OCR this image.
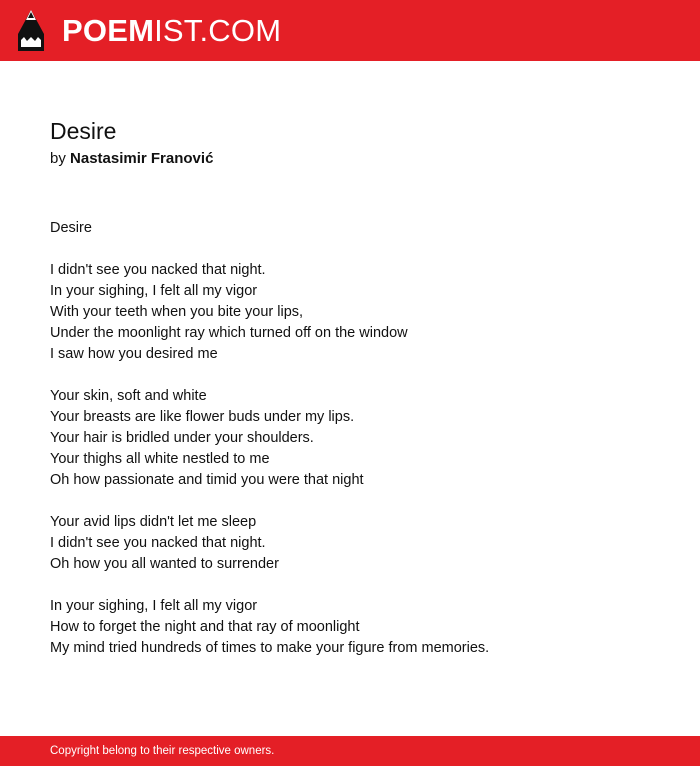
POEMIST.COM
Desire
by Nastasimir Franović
Desire
I didn't see you nacked that night.
In your sighing, I felt all my vigor
With your teeth when you bite your lips,
Under the moonlight ray which turned off on the window
I saw how you desired me
Your skin, soft and white
Your breasts are like flower buds under my lips.
Your hair is bridled under your shoulders.
Your thighs all white nestled to me
Oh how passionate and timid you were that night
Your avid lips didn't let me sleep
I didn't see you nacked that night.
Oh how you all wanted to surrender
In your sighing, I felt all my vigor
How to forget the night and that ray of moonlight
My mind tried hundreds of times to make your figure from memories.
Copyright belong to their respective owners.
